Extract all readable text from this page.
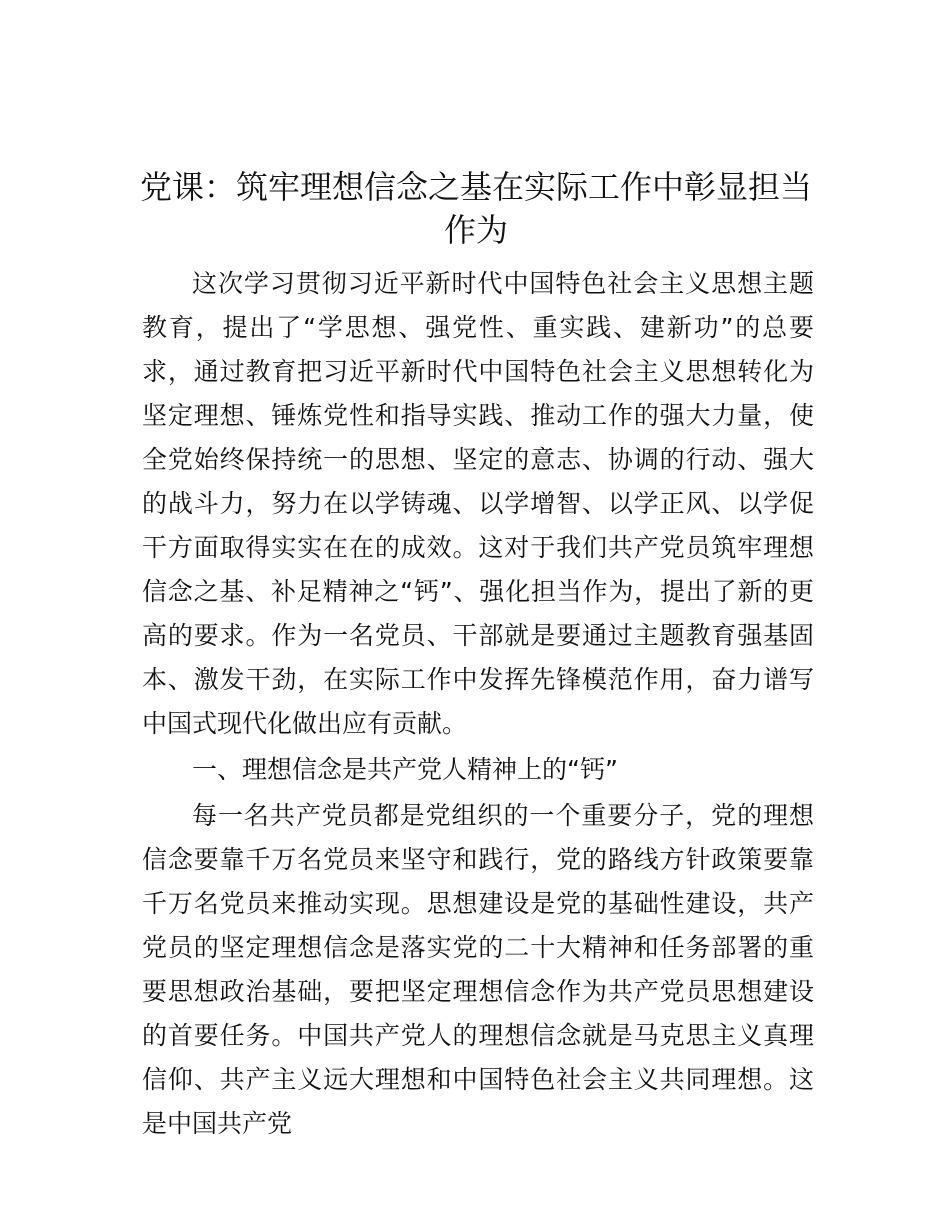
党课：筑牢理想信念之基在实际工作中彰显担当作为

这次学习贯彻习近平新时代中国特色社会主义思想主题教育，提出了“学思想、强党性、重实践、建新功”的总要求，通过教育把习近平新时代中国特色社会主义思想转化为坚定理想、锤炼党性和指导实践、推动工作的强大力量，使全党始终保持统一的思想、坚定的意志、协调的行动、强大的战斗力，努力在以学铸魂、以学增智、以学正风、以学促干方面取得实实在在的成效。这对于我们共产党员筑牢理想信念之基、补足精神之“钙”、强化担当作为，提出了新的更高的要求。作为一名党员、干部就是要通过主题教育强基固本、激发干劲，在实际工作中发挥先锋模范作用，奋力谱写中国式现代化做出应有贡献。

一、理想信念是共产党人精神上的“钙”

每一名共产党员都是党组织的一个重要分子，党的理想信念要靠千万名党员来坚守和践行，党的路线方针政策要靠千万名党员来推动实现。思想建设是党的基础性建设，共产党员的坚定理想信念是落实党的二十大精神和任务部署的重要思想政治基础，要把坚定理想信念作为共产党员思想建设的首要任务。中国共产党人的理想信念就是马克思主义真理信仰、共产主义远大理想和中国特色社会主义共同理想。这是中国共产党
